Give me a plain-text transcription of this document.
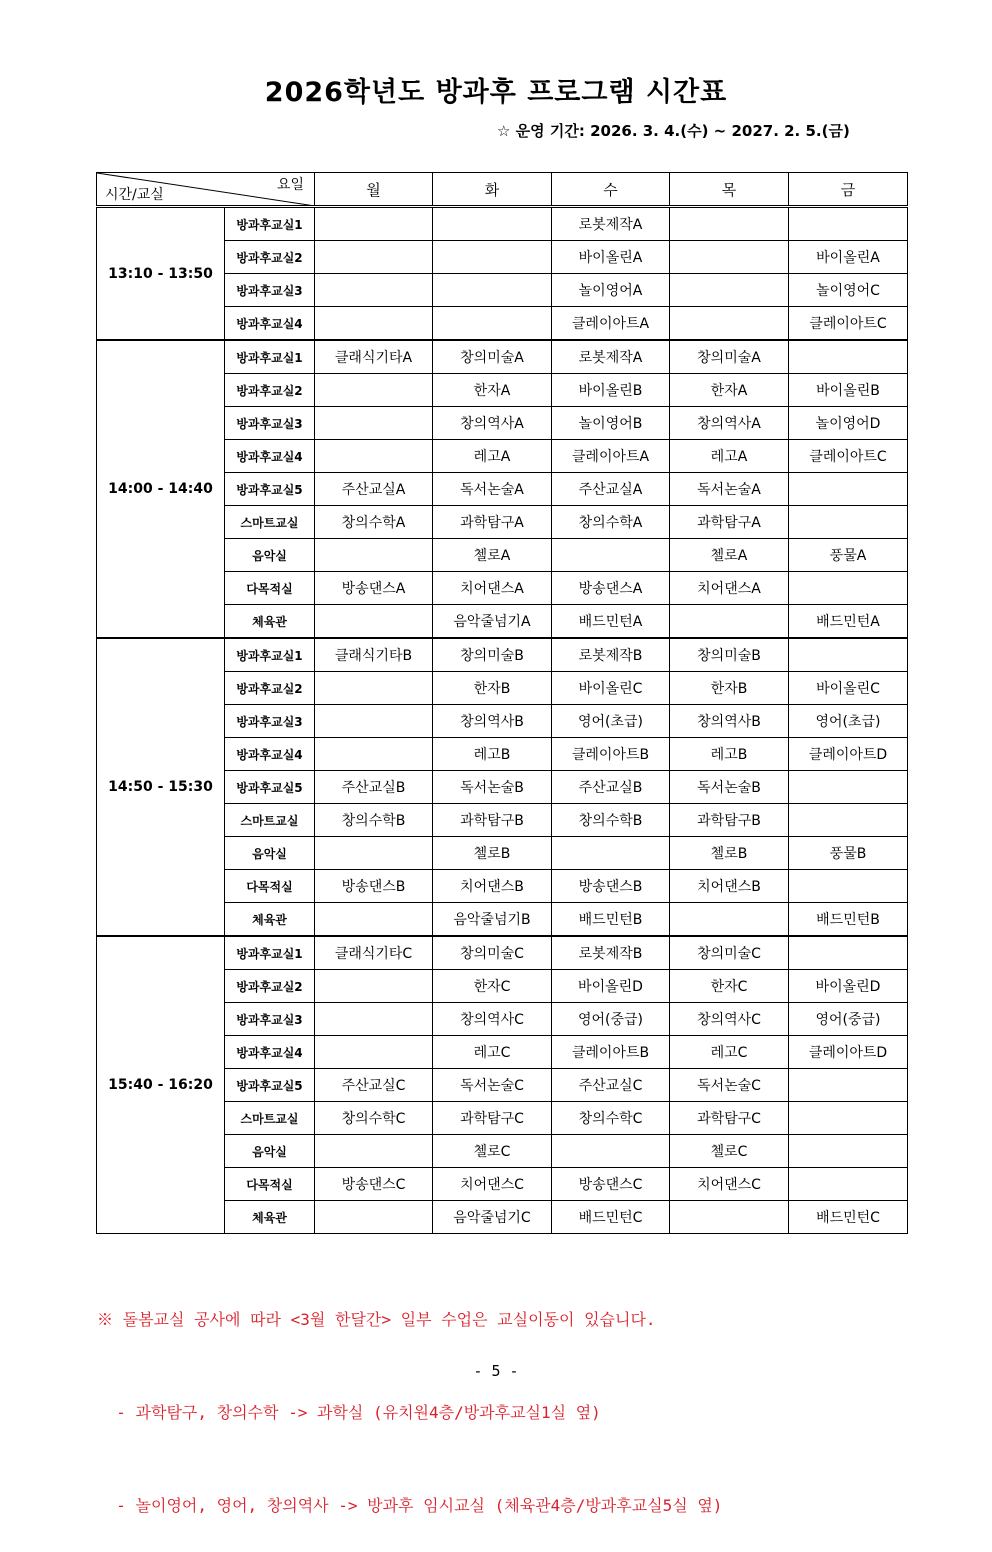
2026학년도 방과후 프로그램 시간표
☆ 운영 기간: 2026. 3. 4.(수) ~ 2027. 2. 5.(금)
요일
시간/교실		월	화	수	목	금
13:10 - 13:50	방과후교실1			로봇제작A		
	방과후교실2			바이올린A		바이올린A
	방과후교실3			놀이영어A		놀이영어C
	방과후교실4			클레이아트A		클레이아트C
14:00 - 14:40	방과후교실1	클래식기타A	창의미술A	로봇제작A	창의미술A	
	방과후교실2		한자A	바이올린B	한자A	바이올린B
	방과후교실3		창의역사A	놀이영어B	창의역사A	놀이영어D
	방과후교실4		레고A	클레이아트A	레고A	클레이아트C
	방과후교실5	주산교실A	독서논술A	주산교실A	독서논술A	
	스마트교실	창의수학A	과학탐구A	창의수학A	과학탐구A	
	음악실		첼로A		첼로A	풍물A
	다목적실	방송댄스A	치어댄스A	방송댄스A	치어댄스A	
	체육관		음악줄넘기A	배드민턴A		배드민턴A
14:50 - 15:30	방과후교실1	클래식기타B	창의미술B	로봇제작B	창의미술B	
	방과후교실2		한자B	바이올린C	한자B	바이올린C
	방과후교실3		창의역사B	영어(초급)	창의역사B	영어(초급)
	방과후교실4		레고B	클레이아트B	레고B	클레이아트D
	방과후교실5	주산교실B	독서논술B	주산교실B	독서논술B	
	스마트교실	창의수학B	과학탐구B	창의수학B	과학탐구B	
	음악실		첼로B		첼로B	풍물B
	다목적실	방송댄스B	치어댄스B	방송댄스B	치어댄스B	
	체육관		음악줄넘기B	배드민턴B		배드민턴B
15:40 - 16:20	방과후교실1	클래식기타C	창의미술C	로봇제작B	창의미술C	
	방과후교실2		한자C	바이올린D	한자C	바이올린D
	방과후교실3		창의역사C	영어(중급)	창의역사C	영어(중급)
	방과후교실4		레고C	클레이아트B	레고C	클레이아트D
	방과후교실5	주산교실C	독서논술C	주산교실C	독서논술C	
	스마트교실	창의수학C	과학탐구C	창의수학C	과학탐구C	
	음악실		첼로C		첼로C	
	다목적실	방송댄스C	치어댄스C	방송댄스C	치어댄스C	
	체육관		음악줄넘기C	배드민턴C		배드민턴C

※ 돌봄교실 공사에 따라 <3월 한달간> 일부 수업은 교실이동이 있습니다.

- 과학탐구, 창의수학 -> 과학실 (유치원4층/방과후교실1실 옆)

- 놀이영어, 영어, 창의역사 -> 방과후 임시교실 (체육관4층/방과후교실5실 옆)

- 5 -
